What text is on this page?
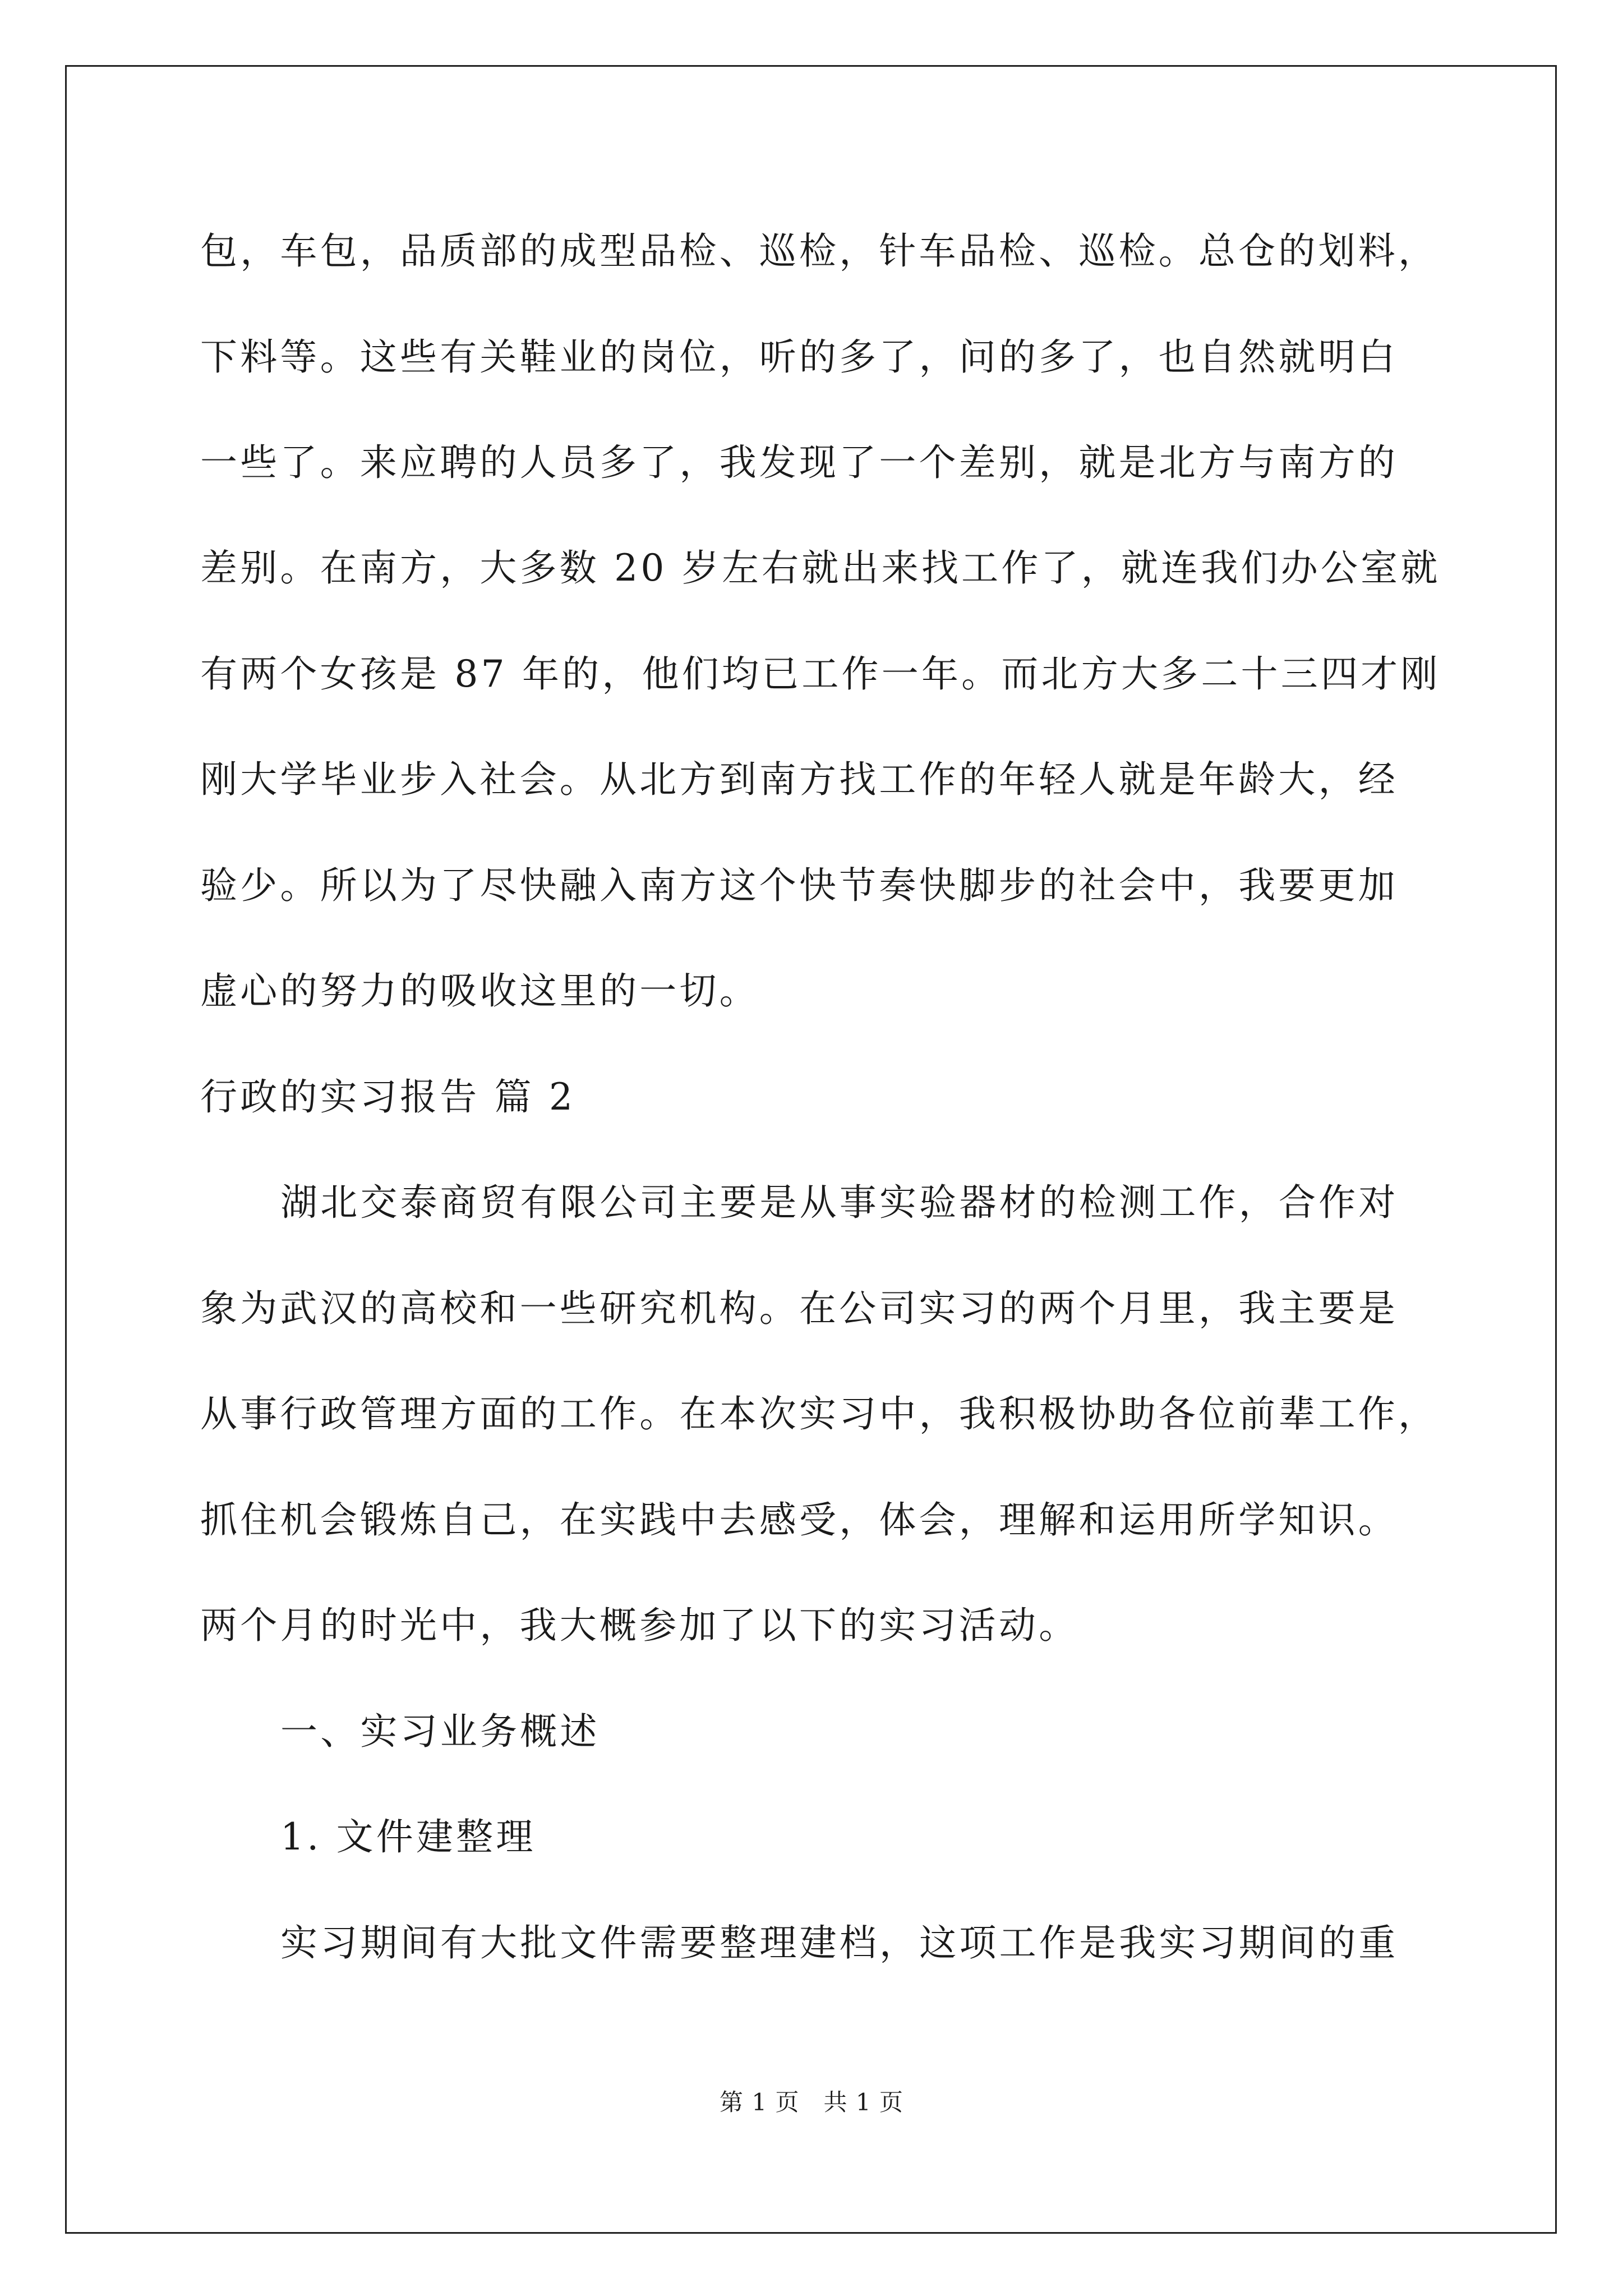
包，车包，品质部的成型品检、巡检，针车品检、巡检。总仓的划料，
下料等。这些有关鞋业的岗位，听的多了，问的多了，也自然就明白
一些了。来应聘的人员多了，我发现了一个差别，就是北方与南方的
差别。在南方，大多数 20 岁左右就出来找工作了，就连我们办公室就
有两个女孩是 87 年的，他们均已工作一年。而北方大多二十三四才刚
刚大学毕业步入社会。从北方到南方找工作的年轻人就是年龄大，经
验少。所以为了尽快融入南方这个快节奏快脚步的社会中，我要更加
虚心的努力的吸收这里的一切。
行政的实习报告 篇 2
湖北交泰商贸有限公司主要是从事实验器材的检测工作，合作对
象为武汉的高校和一些研究机构。在公司实习的两个月里，我主要是
从事行政管理方面的工作。在本次实习中，我积极协助各位前辈工作，
抓住机会锻炼自己，在实践中去感受，体会，理解和运用所学知识。
两个月的时光中，我大概参加了以下的实习活动。
一、实习业务概述
1. 文件建整理
实习期间有大批文件需要整理建档，这项工作是我实习期间的重
第 1 页 共 1 页
